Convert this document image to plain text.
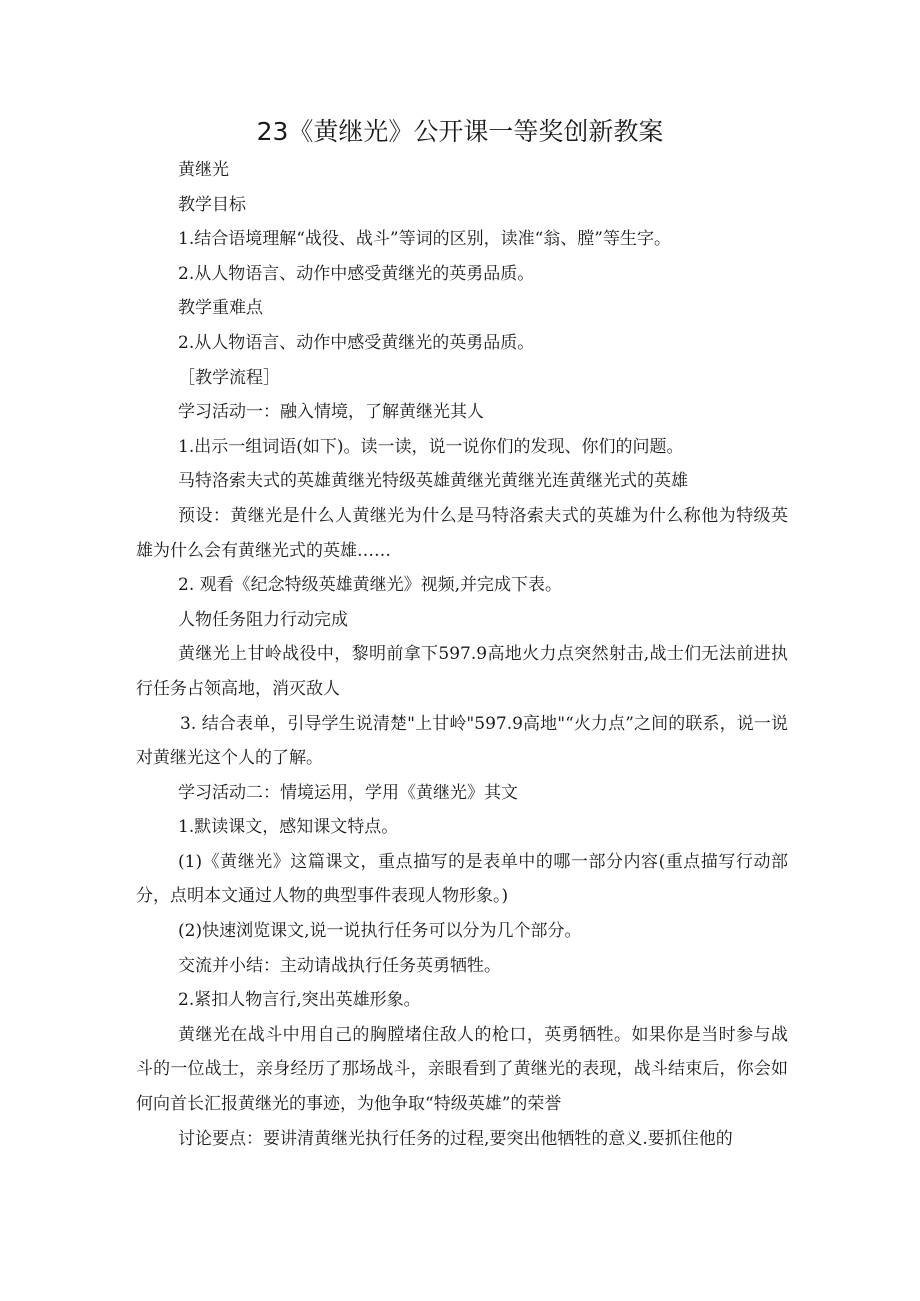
23《黄继光》公开课一等奖创新教案

黄继光

教学目标

1.结合语境理解“战役、战斗”等词的区别，读准“翁、膛”等生字。

2.从人物语言、动作中感受黄继光的英勇品质。

教学重难点

2.从人物语言、动作中感受黄继光的英勇品质。

［教学流程］

学习活动一：融入情境，了解黄继光其人

1.出示一组词语(如下)。读一读，说一说你们的发现、你们的问题。

马特洛索夫式的英雄黄继光特级英雄黄继光黄继光连黄继光式的英雄

预设：黄继光是什么人黄继光为什么是马特洛索夫式的英雄为什么称他为特级英雄为什么会有黄继光式的英雄……

2. 观看《纪念特级英雄黄继光》视频,并完成下表。

人物任务阻力行动完成

黄继光上甘岭战役中，黎明前拿下597.9高地火力点突然射击,战士们无法前进执行任务占领高地，消灭敌人

3. 结合表单，引导学生说清楚"上甘岭"597.9高地"“火力点”之间的联系，说一说对黄继光这个人的了解。

学习活动二：情境运用，学用《黄继光》其文

1.默读课文，感知课文特点。

(1)《黄继光》这篇课文，重点描写的是表单中的哪一部分内容(重点描写行动部分，点明本文通过人物的典型事件表现人物形象。)

(2)快速浏览课文,说一说执行任务可以分为几个部分。

交流并小结：主动请战执行任务英勇牺牲。

2.紧扣人物言行,突出英雄形象。

黄继光在战斗中用自己的胸膛堵住敌人的枪口，英勇牺牲。如果你是当时参与战斗的一位战士，亲身经历了那场战斗，亲眼看到了黄继光的表现，战斗结束后，你会如何向首长汇报黄继光的事迹，为他争取“特级英雄”的荣誉

讨论要点：要讲清黄继光执行任务的过程,要突出他牺牲的意义.要抓住他的
